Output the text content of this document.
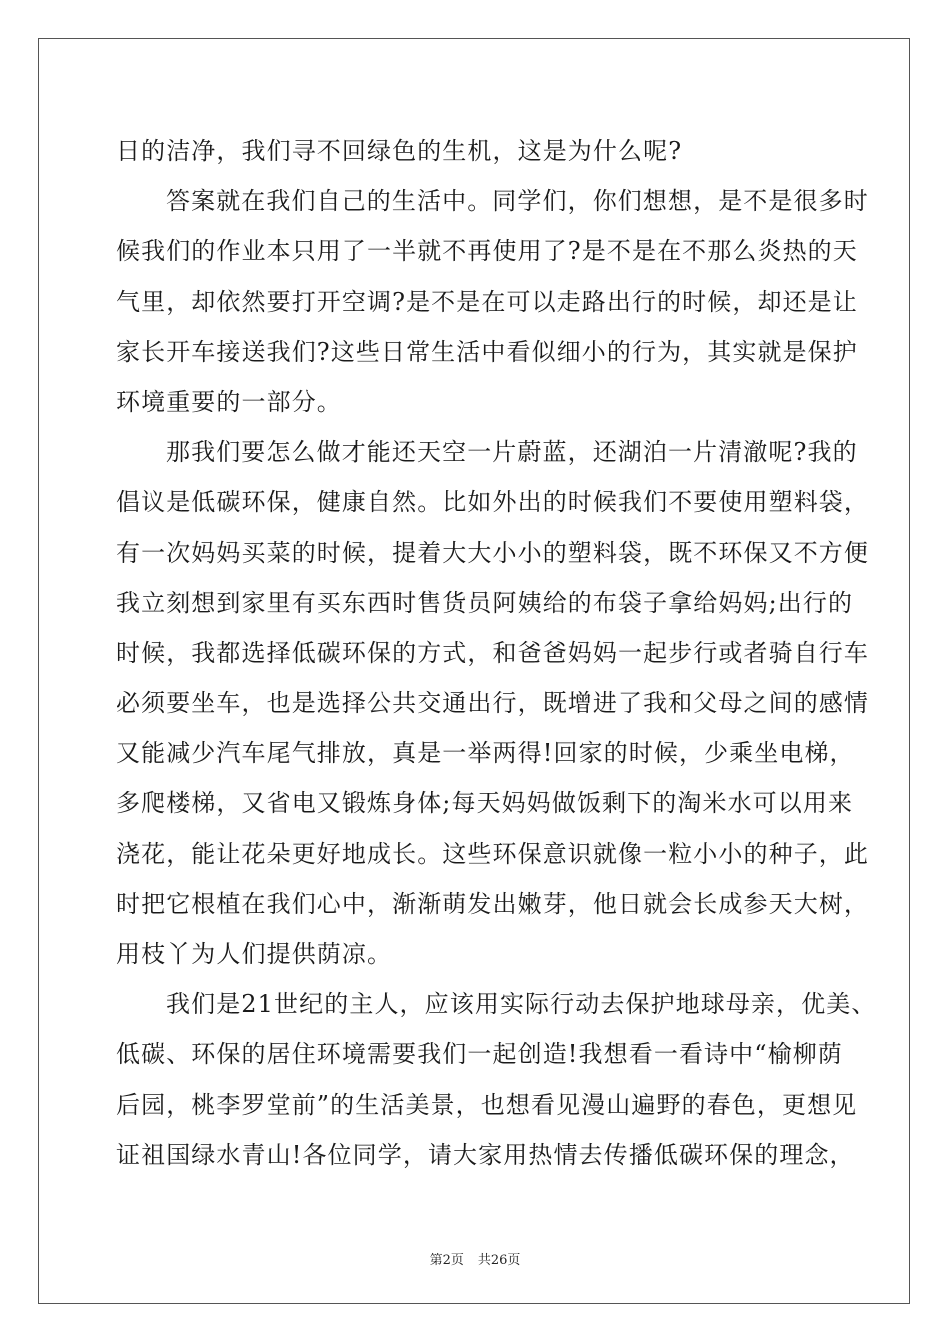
日的洁净，我们寻不回绿色的生机，这是为什么呢?
答案就在我们自己的生活中。同学们，你们想想，是不是很多时
候我们的作业本只用了一半就不再使用了?是不是在不那么炎热的天
气里，却依然要打开空调?是不是在可以走路出行的时候，却还是让
家长开车接送我们?这些日常生活中看似细小的行为，其实就是保护
环境重要的一部分。
那我们要怎么做才能还天空一片蔚蓝，还湖泊一片清澈呢?我的
倡议是低碳环保，健康自然。比如外出的时候我们不要使用塑料袋，
有一次妈妈买菜的时候，提着大大小小的塑料袋，既不环保又不方便
我立刻想到家里有买东西时售货员阿姨给的布袋子拿给妈妈;出行的
时候，我都选择低碳环保的方式，和爸爸妈妈一起步行或者骑自行车
必须要坐车，也是选择公共交通出行，既增进了我和父母之间的感情
又能减少汽车尾气排放，真是一举两得!回家的时候，少乘坐电梯，
多爬楼梯，又省电又锻炼身体;每天妈妈做饭剩下的淘米水可以用来
浇花，能让花朵更好地成长。这些环保意识就像一粒小小的种子，此
时把它根植在我们心中，渐渐萌发出嫩芽，他日就会长成参天大树，
用枝丫为人们提供荫凉。
我们是21世纪的主人，应该用实际行动去保护地球母亲，优美、
低碳、环保的居住环境需要我们一起创造!我想看一看诗中“榆柳荫
后园，桃李罗堂前”的生活美景，也想看见漫山遍野的春色，更想见
证祖国绿水青山!各位同学，请大家用热情去传播低碳环保的理念，
第2页 共26页
